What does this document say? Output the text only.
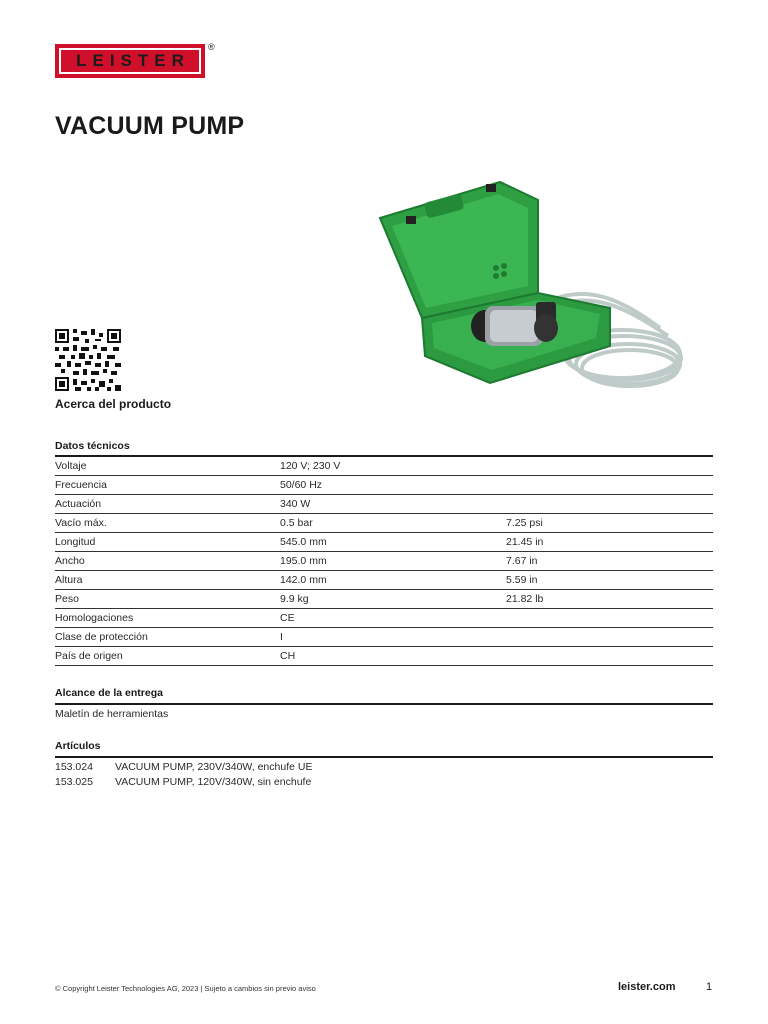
LEISTER
®
VACUUM PUMP
Acerca del producto
Datos técnicos
Voltaje	120 V; 230 V	
Frecuencia	50/60 Hz	
Actuación	340 W	
Vacío máx.	0.5 bar	7.25 psi
Longitud	545.0 mm	21.45 in
Ancho	195.0 mm	7.67 in
Altura	142.0 mm	5.59 in
Peso	9.9 kg	21.82 lb
Homologaciones	CE	
Clase de protección	I	
País de origen	CH	
Alcance de la entrega
Maletín de herramientas
Artículos
153.024	VACUUM PUMP, 230V/340W, enchufe UE
153.025	VACUUM PUMP, 120V/340W, sin enchufe
© Copyright Leister Technologies AG, 2023 | Sujeto a cambios sin previo aviso	leister.com	1
